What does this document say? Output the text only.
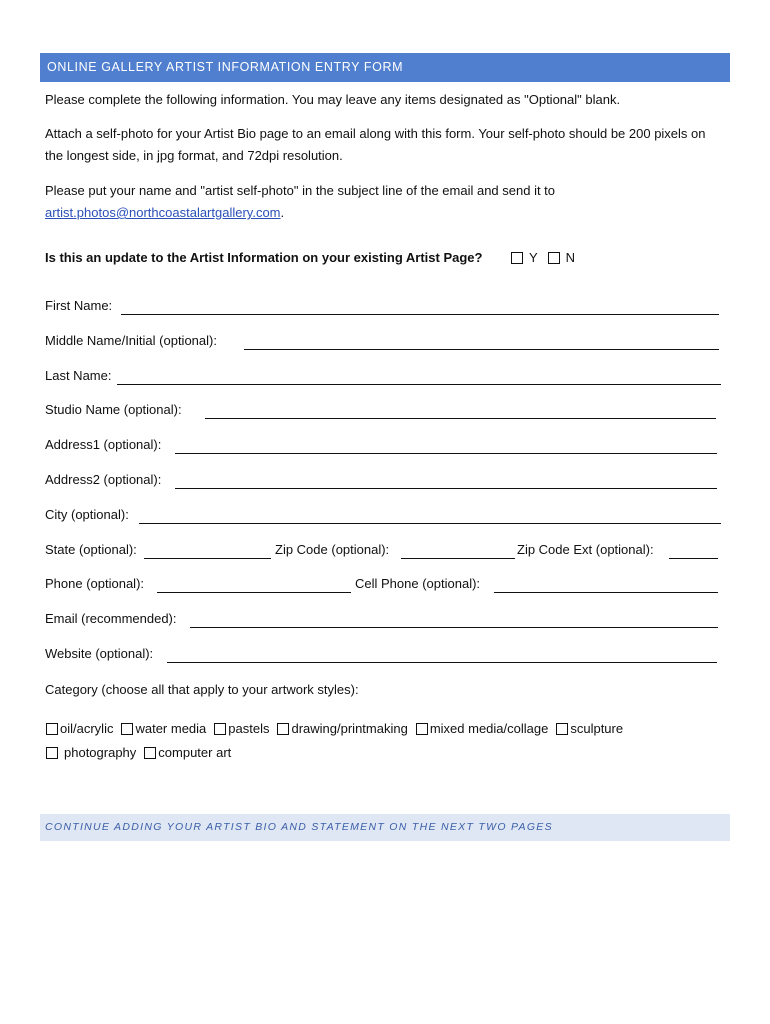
ONLINE GALLERY ARTIST INFORMATION ENTRY FORM
Please complete the following information. You may leave any items designated as "Optional" blank.
Attach a self-photo for your Artist Bio page to an email along with this form. Your self-photo should be 200 pixels on the longest side, in jpg format, and 72dpi resolution.
Please put your name and "artist self-photo" in the subject line of the email and send it to
artist.photos@northcoastalartgallery.com.
Is this an update to the Artist Information on your existing Artist Page?	Y N
First Name:
Middle Name/Initial (optional):
Last Name:
Studio Name (optional):
Address1 (optional):
Address2 (optional):
City (optional):
State (optional):	Zip Code (optional):	Zip Code Ext (optional):
Phone (optional):	Cell Phone (optional):
Email (recommended):
Website (optional):
Category (choose all that apply to your artwork styles):
oil/acrylic water media pastels drawing/printmaking mixed media/collage sculpture
photography computer art
CONTINUE ADDING YOUR ARTIST BIO AND STATEMENT ON THE NEXT TWO PAGES
